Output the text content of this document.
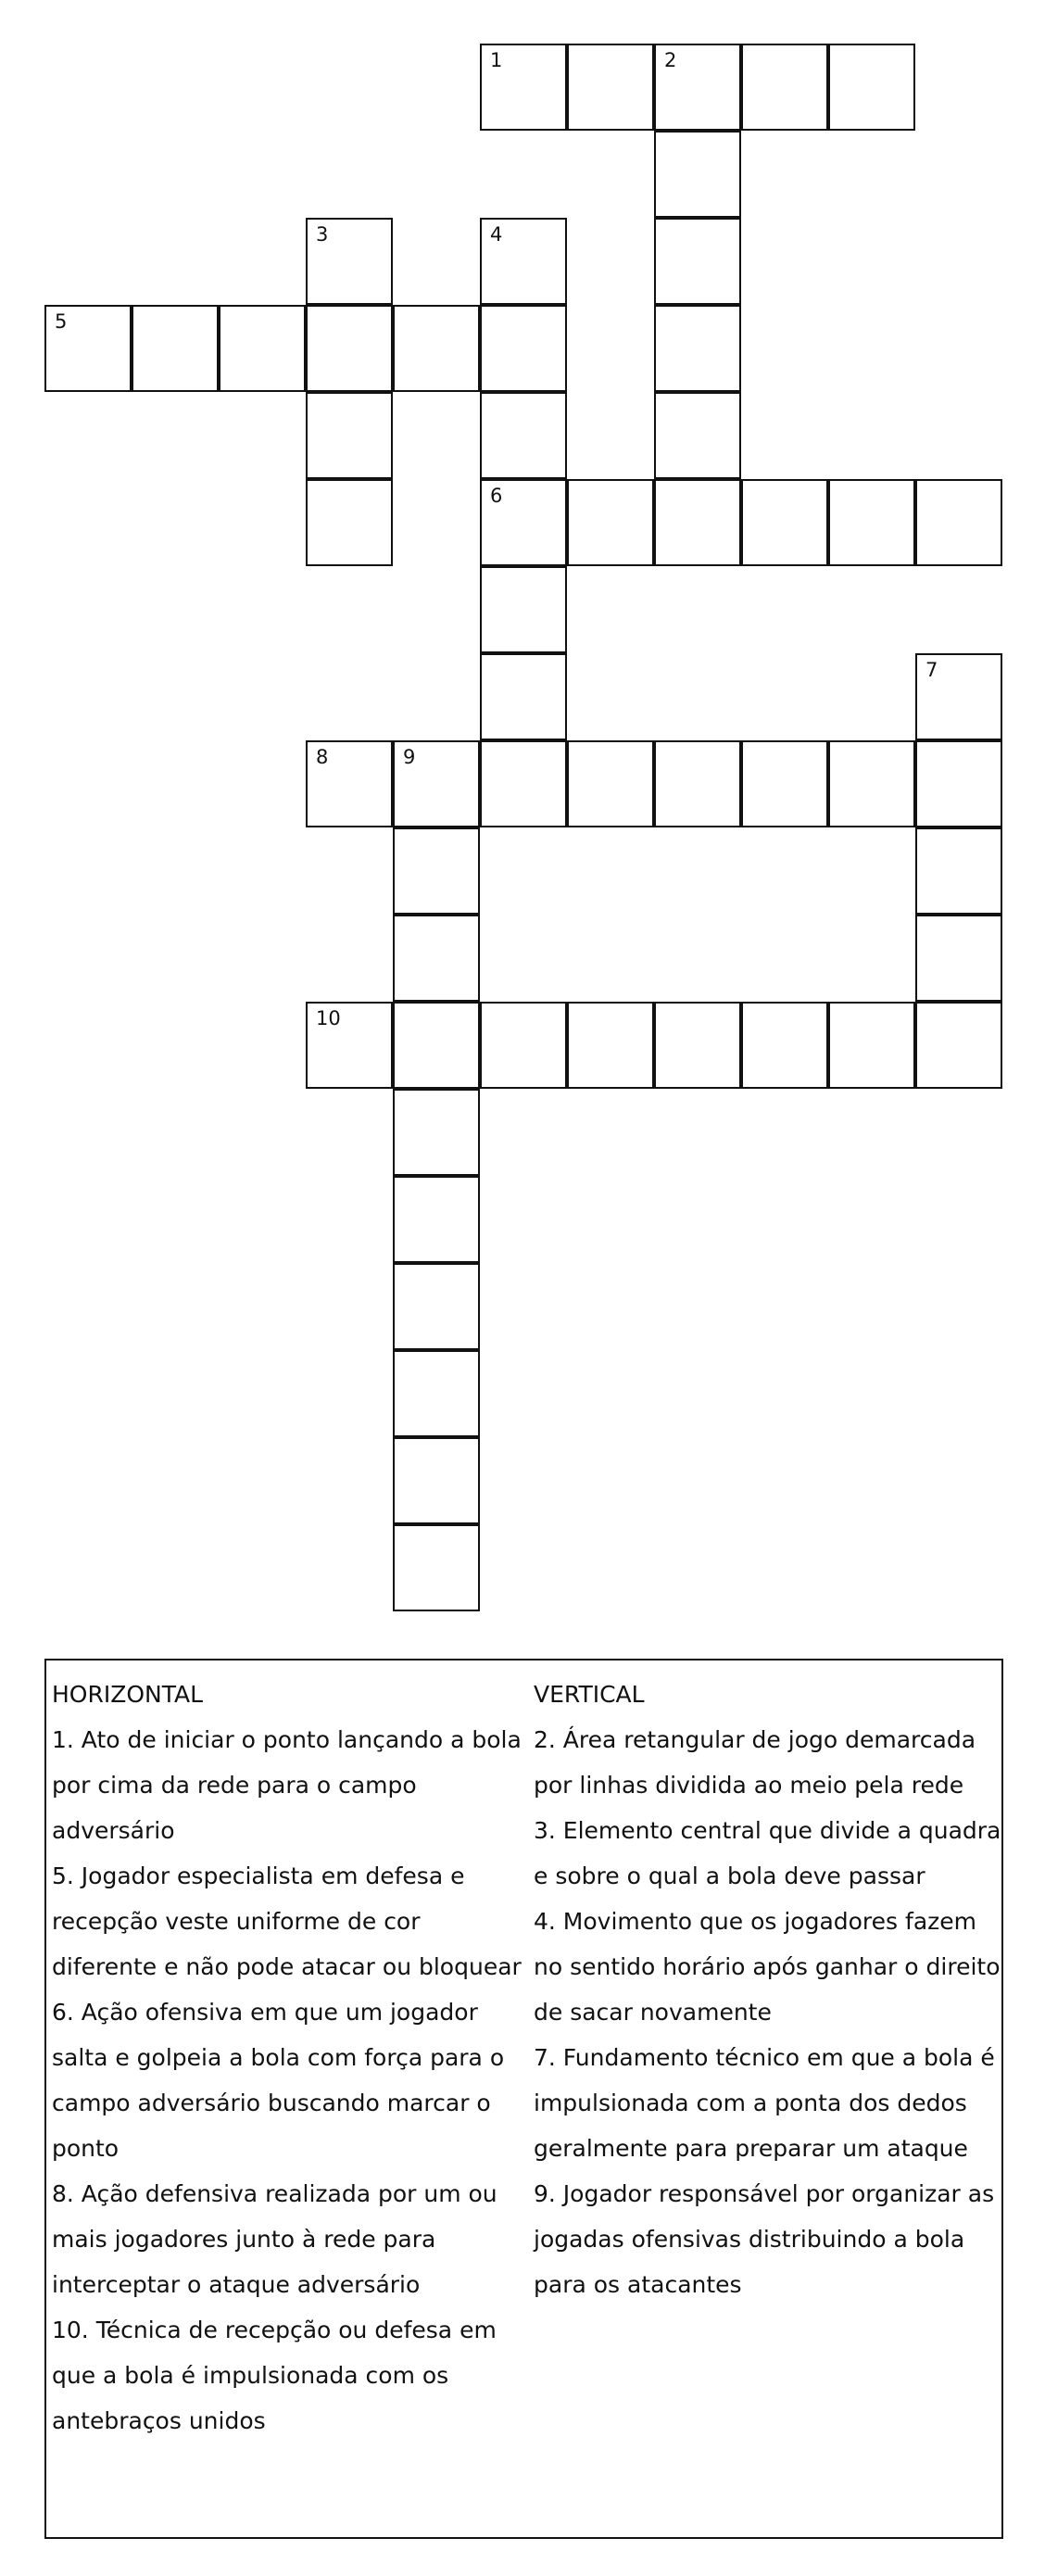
1	2
3	4
5
6
7
8	9
10

HORIZONTAL

1. Ato de iniciar o ponto lançando a bola por cima da rede para o campo adversário

5. Jogador especialista em defesa e recepção veste uniforme de cor diferente e não pode atacar ou bloquear

6. Ação ofensiva em que um jogador salta e golpeia a bola com força para o campo adversário buscando marcar o ponto

8. Ação defensiva realizada por um ou mais jogadores junto à rede para interceptar o ataque adversário

10. Técnica de recepção ou defesa em que a bola é impulsionada com os antebraços unidos

VERTICAL

2. Área retangular de jogo demarcada por linhas dividida ao meio pela rede

3. Elemento central que divide a quadra e sobre o qual a bola deve passar

4. Movimento que os jogadores fazem no sentido horário após ganhar o direito de sacar novamente

7. Fundamento técnico em que a bola é impulsionada com a ponta dos dedos geralmente para preparar um ataque

9. Jogador responsável por organizar as jogadas ofensivas distribuindo a bola para os atacantes
